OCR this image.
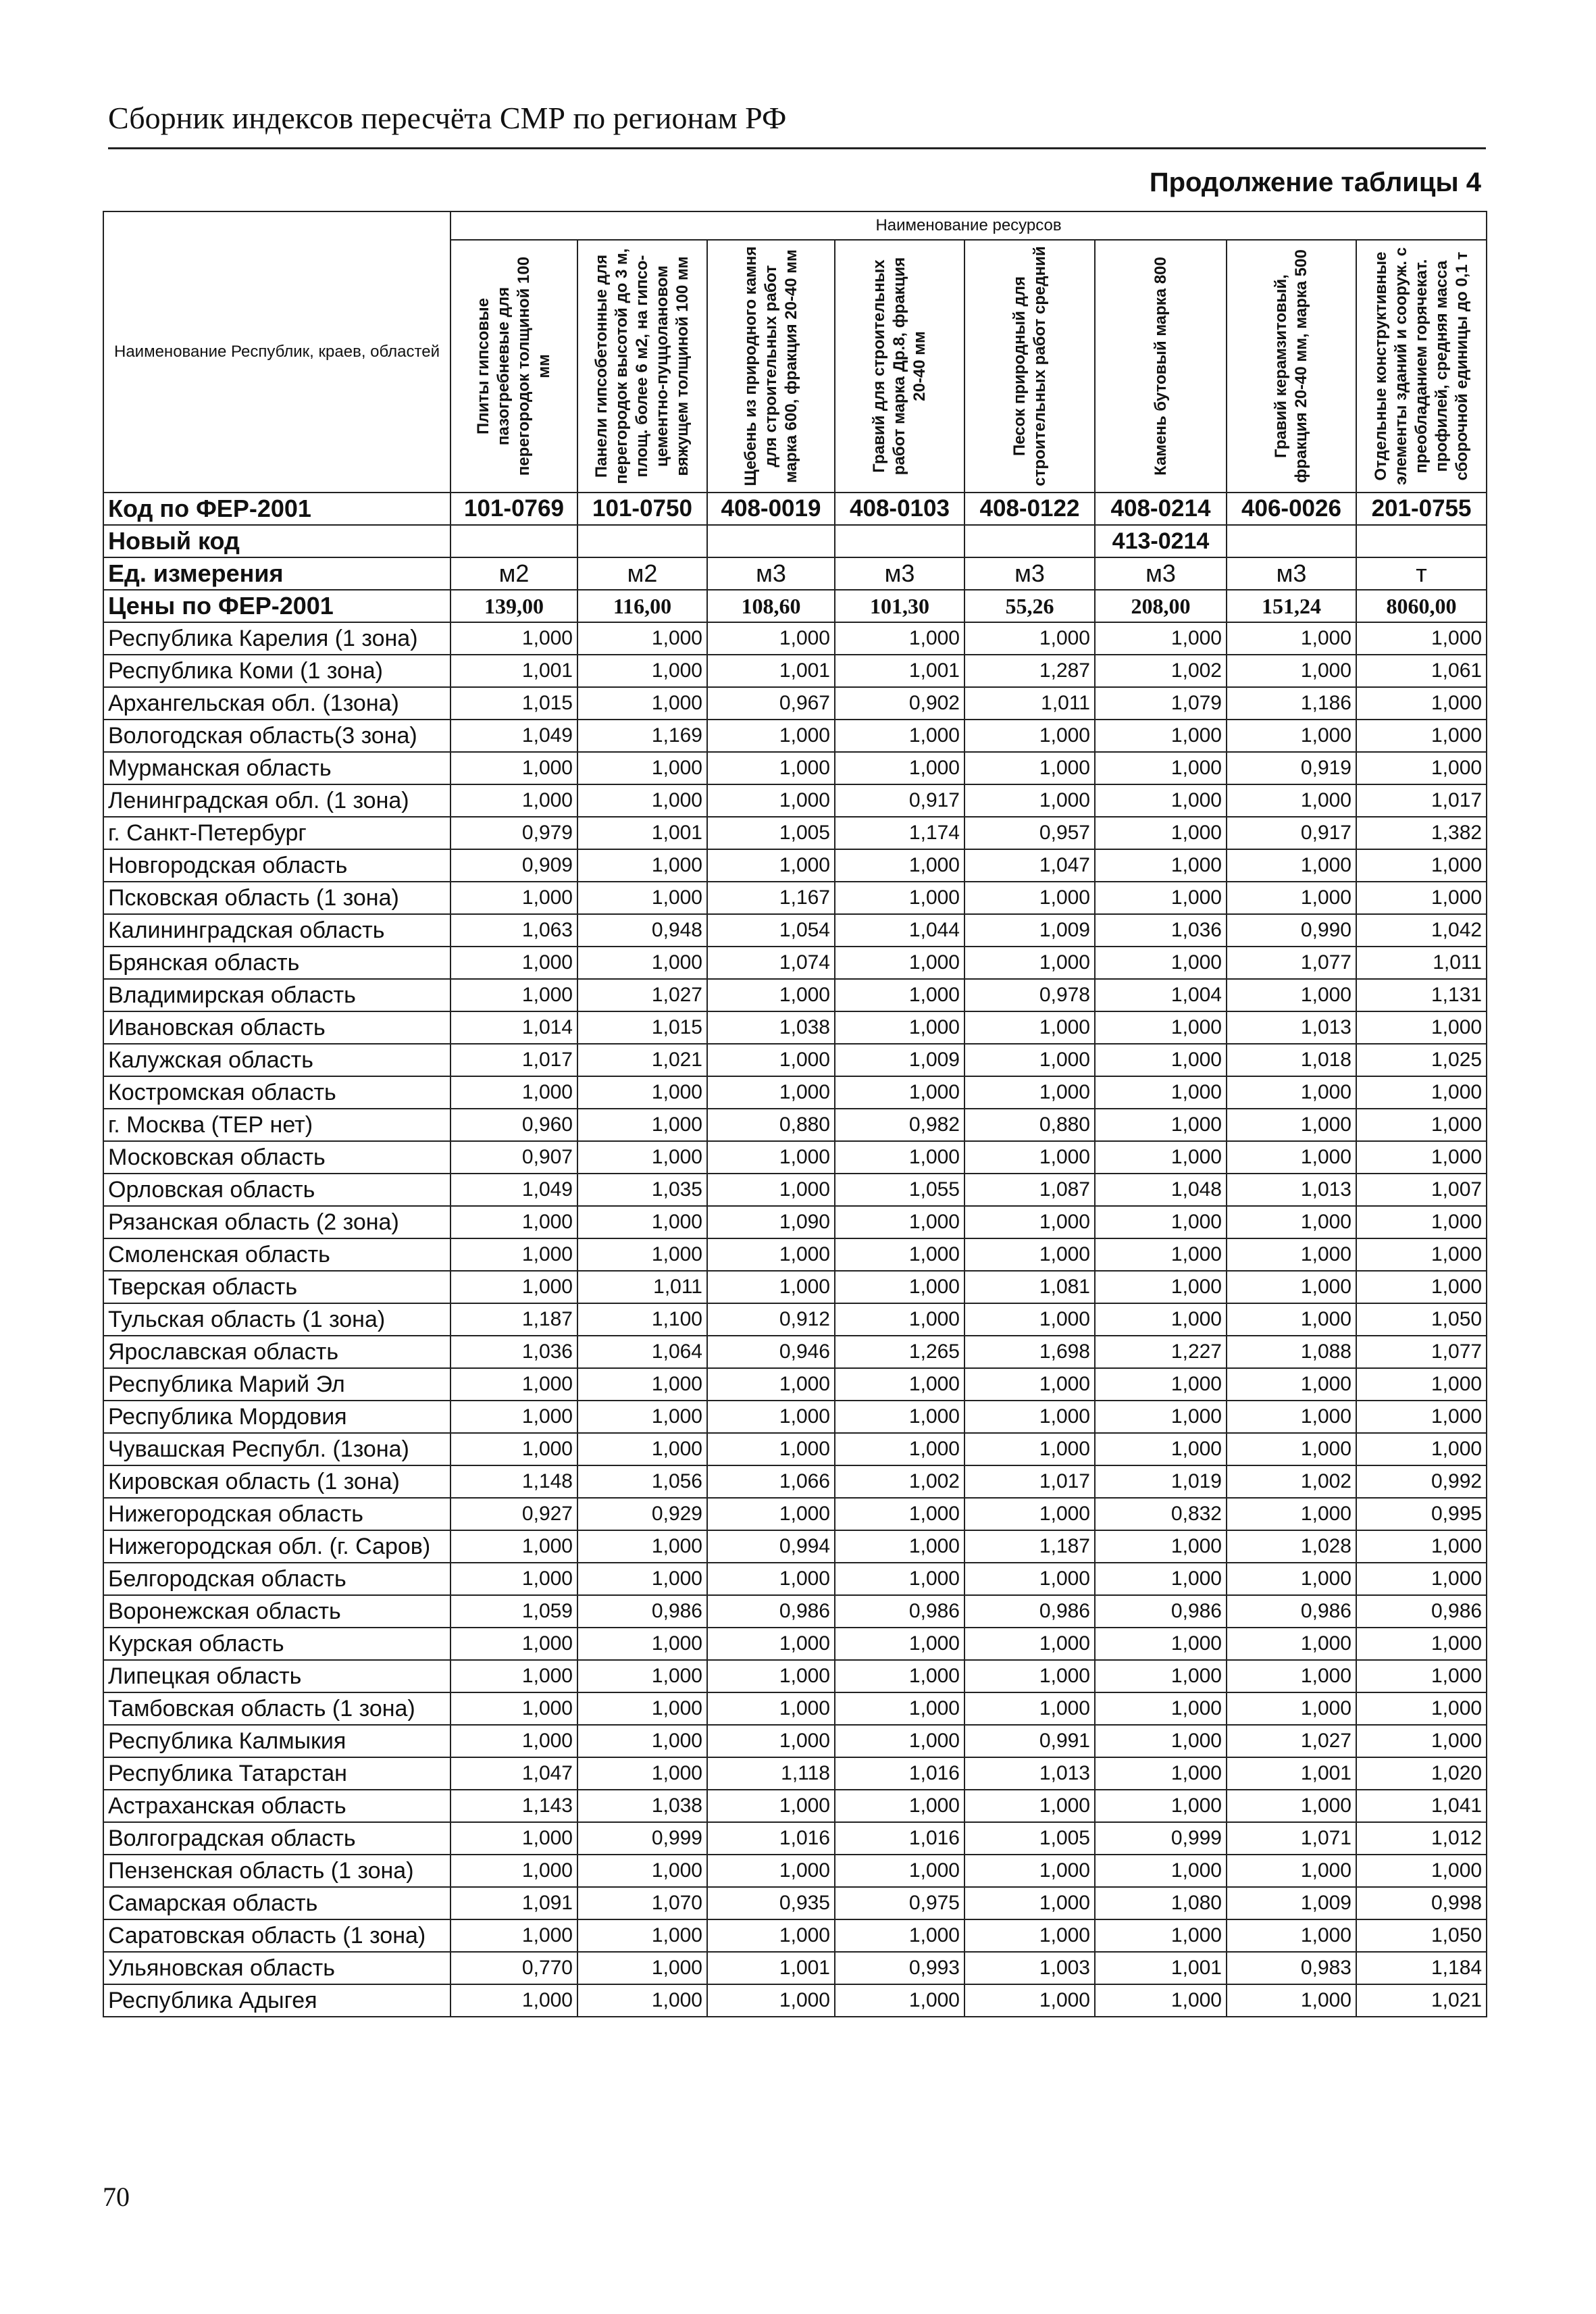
Сборник индексов пересчёта СМР по регионам РФ
Продолжение таблицы 4
Наименование Республик, краев, областей	Наименование ресурсов							

	Плиты гипсовые пазогребневые для перегородок толщиной 100 мм	Панели гипсобетонные для перегородок высотой до 3 м, площ. более 6 м2, на гипсо-цементно-пуццолановом вяжущем толщиной 100 мм	Щебень из природного камня для строительных работ марка 600, фракция 20-40 мм	Гравий для строительных работ марка Др.8, фракция 20-40 мм	Песок природный для строительных работ средний	Камень бутовый марка 800	Гравий керамзитовый, фракция 20-40 мм, марка 500	Отдельные конструктивные элементы зданий и сооруж. с преобладанием горячекат. профилей, средняя масса сборочной единицы до 0,1 т

Код по ФЕР-2001	101-0769	101-0750	408-0019	408-0103	408-0122	408-0214	406-0026	201-0755
Новый код						413-0214		
Ед. измерения	м2	м2	м3	м3	м3	м3	м3	т
Цены по ФЕР-2001	139,00	116,00	108,60	101,30	55,26	208,00	151,24	8060,00
Республика Карелия (1 зона)	1,000	1,000	1,000	1,000	1,000	1,000	1,000	1,000
Республика Коми (1 зона)	1,001	1,000	1,001	1,001	1,287	1,002	1,000	1,061
Архангельская обл. (1зона)	1,015	1,000	0,967	0,902	1,011	1,079	1,186	1,000
Вологодская область(3 зона)	1,049	1,169	1,000	1,000	1,000	1,000	1,000	1,000
Мурманская область	1,000	1,000	1,000	1,000	1,000	1,000	0,919	1,000
Ленинградская обл. (1 зона)	1,000	1,000	1,000	0,917	1,000	1,000	1,000	1,017
г. Санкт-Петербург	0,979	1,001	1,005	1,174	0,957	1,000	0,917	1,382
Новгородская область	0,909	1,000	1,000	1,000	1,047	1,000	1,000	1,000
Псковская область (1 зона)	1,000	1,000	1,167	1,000	1,000	1,000	1,000	1,000
Калининградская область	1,063	0,948	1,054	1,044	1,009	1,036	0,990	1,042
Брянская область	1,000	1,000	1,074	1,000	1,000	1,000	1,077	1,011
Владимирская область	1,000	1,027	1,000	1,000	0,978	1,004	1,000	1,131
Ивановская область	1,014	1,015	1,038	1,000	1,000	1,000	1,013	1,000
Калужская область	1,017	1,021	1,000	1,009	1,000	1,000	1,018	1,025
Костромская область	1,000	1,000	1,000	1,000	1,000	1,000	1,000	1,000
г. Москва (ТЕР нет)	0,960	1,000	0,880	0,982	0,880	1,000	1,000	1,000
Московская область	0,907	1,000	1,000	1,000	1,000	1,000	1,000	1,000
Орловская область	1,049	1,035	1,000	1,055	1,087	1,048	1,013	1,007
Рязанская область (2 зона)	1,000	1,000	1,090	1,000	1,000	1,000	1,000	1,000
Смоленская область	1,000	1,000	1,000	1,000	1,000	1,000	1,000	1,000
Тверская область	1,000	1,011	1,000	1,000	1,081	1,000	1,000	1,000
Тульская область (1 зона)	1,187	1,100	0,912	1,000	1,000	1,000	1,000	1,050
Ярославская область	1,036	1,064	0,946	1,265	1,698	1,227	1,088	1,077
Республика Марий Эл	1,000	1,000	1,000	1,000	1,000	1,000	1,000	1,000
Республика Мордовия	1,000	1,000	1,000	1,000	1,000	1,000	1,000	1,000
Чувашская Республ. (1зона)	1,000	1,000	1,000	1,000	1,000	1,000	1,000	1,000
Кировская область (1 зона)	1,148	1,056	1,066	1,002	1,017	1,019	1,002	0,992
Нижегородская область	0,927	0,929	1,000	1,000	1,000	0,832	1,000	0,995
Нижегородская обл. (г. Саров)	1,000	1,000	0,994	1,000	1,187	1,000	1,028	1,000
Белгородская область	1,000	1,000	1,000	1,000	1,000	1,000	1,000	1,000
Воронежская область	1,059	0,986	0,986	0,986	0,986	0,986	0,986	0,986
Курская область	1,000	1,000	1,000	1,000	1,000	1,000	1,000	1,000
Липецкая область	1,000	1,000	1,000	1,000	1,000	1,000	1,000	1,000
Тамбовская область (1 зона)	1,000	1,000	1,000	1,000	1,000	1,000	1,000	1,000
Республика Калмыкия	1,000	1,000	1,000	1,000	0,991	1,000	1,027	1,000
Республика Татарстан	1,047	1,000	1,118	1,016	1,013	1,000	1,001	1,020
Астраханская область	1,143	1,038	1,000	1,000	1,000	1,000	1,000	1,041
Волгоградская область	1,000	0,999	1,016	1,016	1,005	0,999	1,071	1,012
Пензенская область (1 зона)	1,000	1,000	1,000	1,000	1,000	1,000	1,000	1,000
Самарская область	1,091	1,070	0,935	0,975	1,000	1,080	1,009	0,998
Саратовская область (1 зона)	1,000	1,000	1,000	1,000	1,000	1,000	1,000	1,050
Ульяновская область	0,770	1,000	1,001	0,993	1,003	1,001	0,983	1,184
Республика Адыгея	1,000	1,000	1,000	1,000	1,000	1,000	1,000	1,021
70
